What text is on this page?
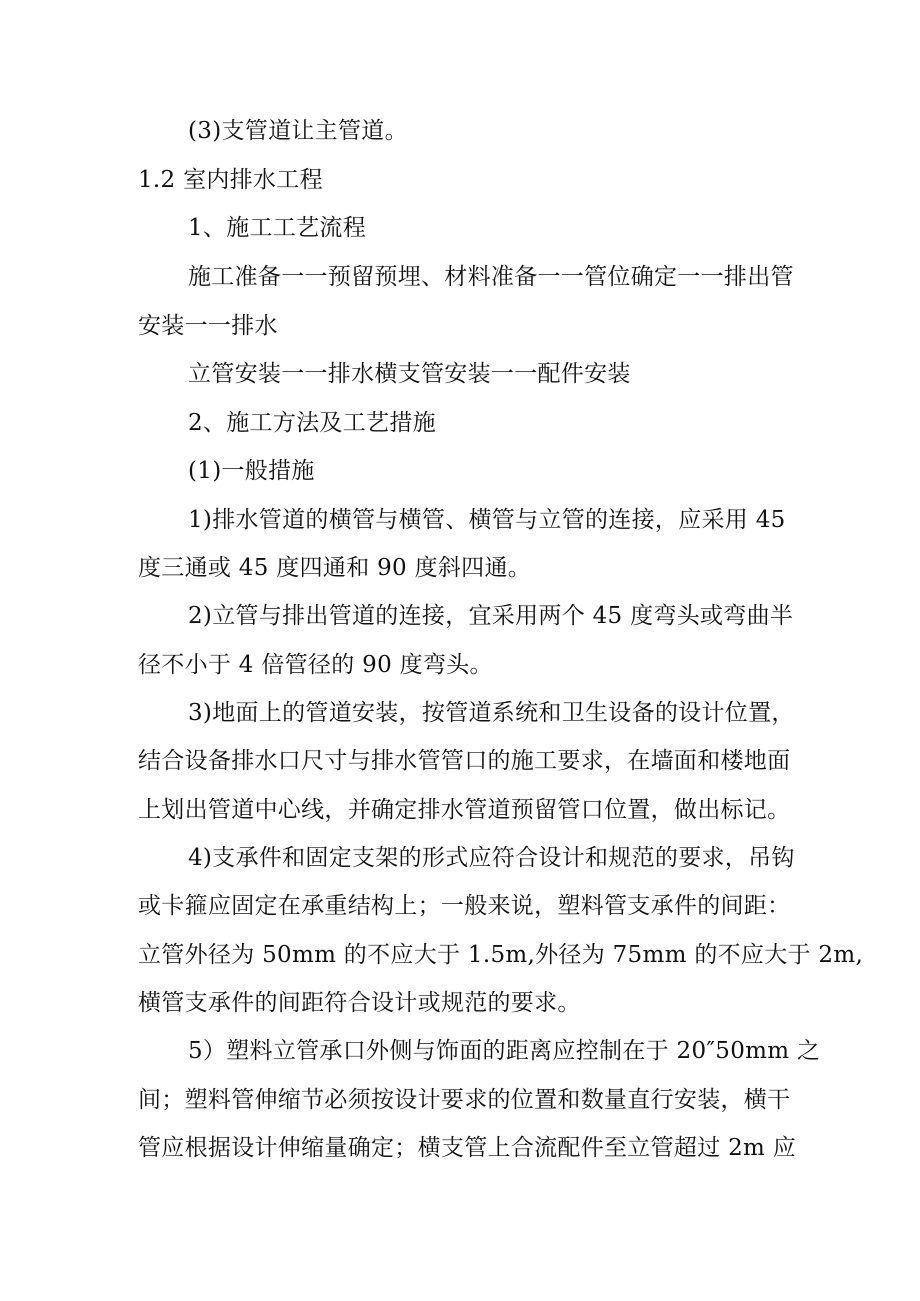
(3)支管道让主管道。
1.2 室内排水工程
1、施工工艺流程
施工准备一一预留预埋、材料准备一一管位确定一一排出管
安装一一排水
立管安装一一排水横支管安装一一配件安装
2、施工方法及工艺措施
(1)一般措施
1)排水管道的横管与横管、横管与立管的连接，应采用 45
度三通或 45 度四通和 90 度斜四通。
2)立管与排出管道的连接，宜采用两个 45 度弯头或弯曲半
径不小于 4 倍管径的 90 度弯头。
3)地面上的管道安装，按管道系统和卫生设备的设计位置，
结合设备排水口尺寸与排水管管口的施工要求，在墙面和楼地面
上划出管道中心线，并确定排水管道预留管口位置，做出标记。
4)支承件和固定支架的形式应符合设计和规范的要求，吊钩
或卡箍应固定在承重结构上；一般来说，塑料管支承件的间距：
立管外径为 50mm 的不应大于 1.5m,外径为 75mm 的不应大于 2m,
横管支承件的间距符合设计或规范的要求。
5）塑料立管承口外侧与饰面的距离应控制在于 20″50mm 之
间；塑料管伸缩节必须按设计要求的位置和数量直行安装，横干
管应根据设计伸缩量确定；横支管上合流配件至立管超过 2m 应
